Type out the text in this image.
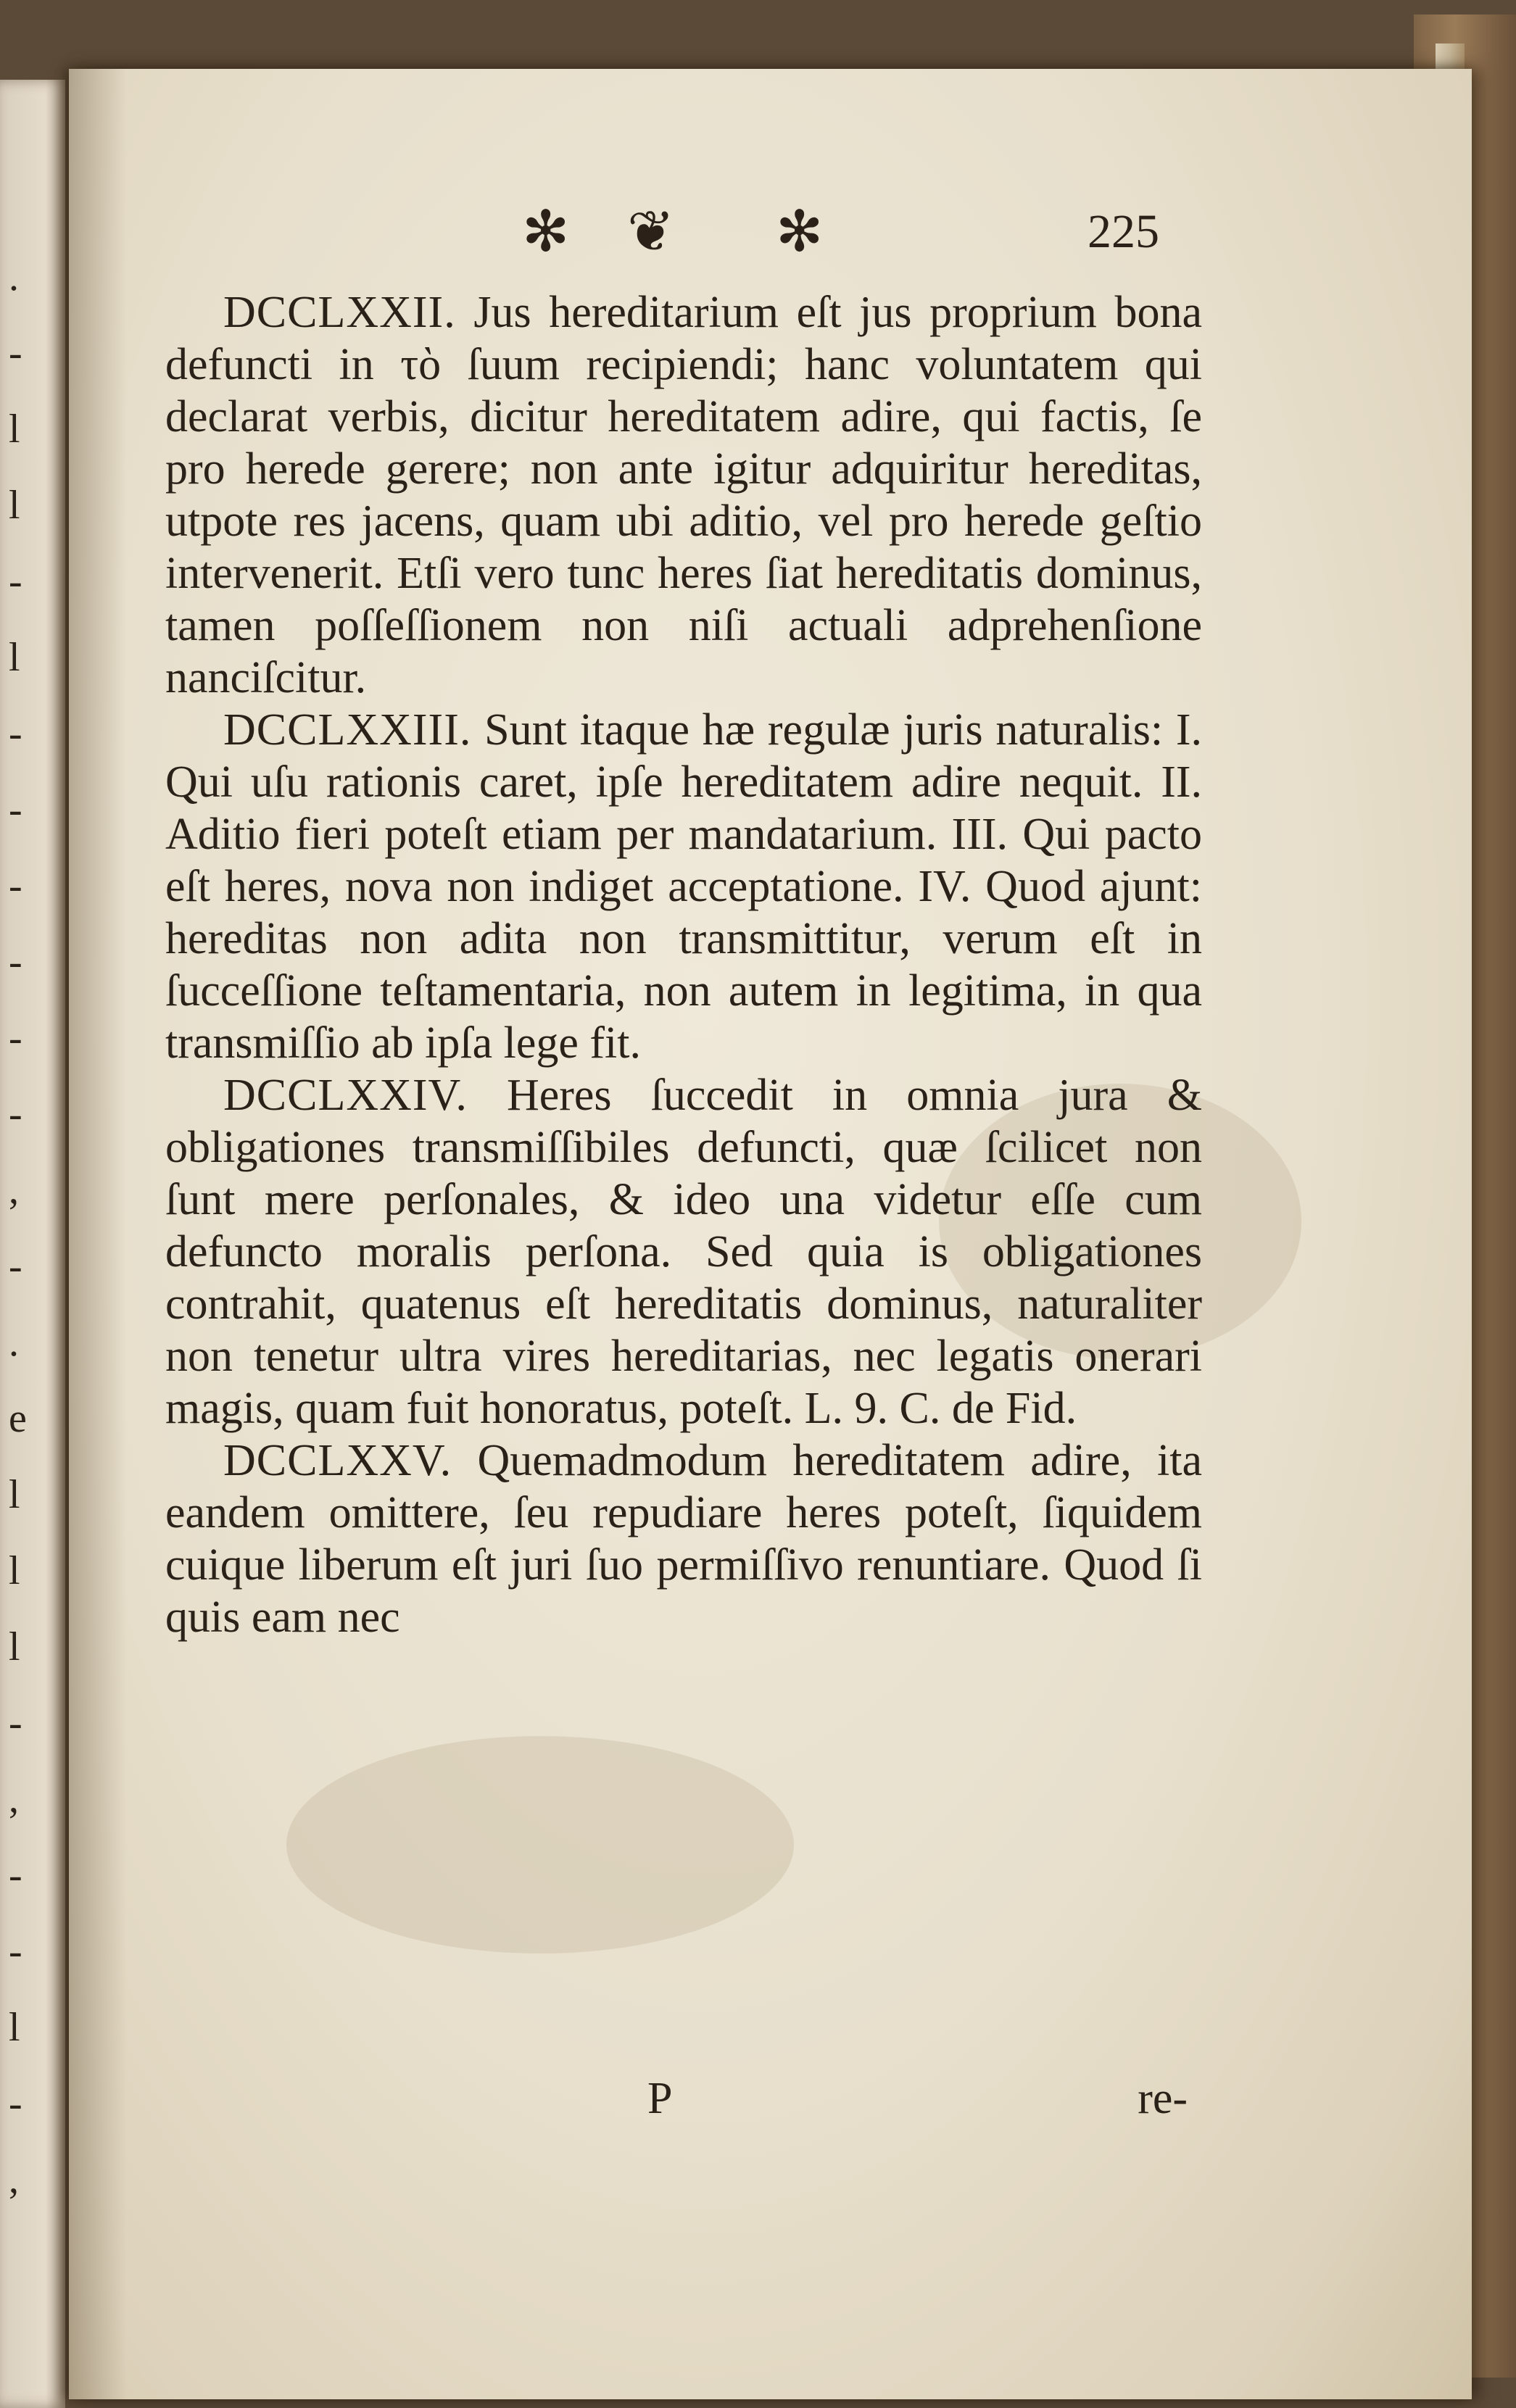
.
-
l
l
-
l
-
-
-
-
-
-
,
-
.
e
l
l
l
-
,
-
-
l
-
,
✻ ❦ ✻	225

DCCLXXII. Jus hereditarium eſt jus proprium bona defuncti in τὸ ſuum recipiendi; hanc voluntatem qui declarat verbis, dicitur hereditatem adire, qui factis, ſe pro herede gerere; non ante igitur adquiritur hereditas, utpote res jacens, quam ubi aditio, vel pro herede geſtio intervenerit. Etſi vero tunc heres ſiat hereditatis dominus, tamen poſſeſſionem non niſi actuali adprehenſione nanciſcitur.

DCCLXXIII. Sunt itaque hæ regulæ juris naturalis: I. Qui uſu rationis caret, ipſe hereditatem adire nequit. II. Aditio fieri poteſt etiam per mandatarium. III. Qui pacto eſt heres, nova non indiget acceptatione. IV. Quod ajunt: hereditas non adita non transmittitur, verum eſt in ſucceſſione teſtamentaria, non autem in legitima, in qua transmiſſio ab ipſa lege fit.

DCCLXXIV. Heres ſuccedit in omnia jura & obligationes transmiſſibiles defuncti, quæ ſcilicet non ſunt mere perſonales, & ideo una videtur eſſe cum defuncto moralis perſona. Sed quia is obligationes contrahit, quatenus eſt hereditatis dominus, naturaliter non tenetur ultra vires hereditarias, nec legatis onerari magis, quam fuit honoratus, poteſt. L. 9. C. de Fid.

DCCLXXV. Quemadmodum hereditatem adire, ita eandem omittere, ſeu repudiare heres poteſt, ſiquidem cuique liberum eſt juri ſuo permiſſivo renuntiare. Quod ſi quis eam nec

P	re-
